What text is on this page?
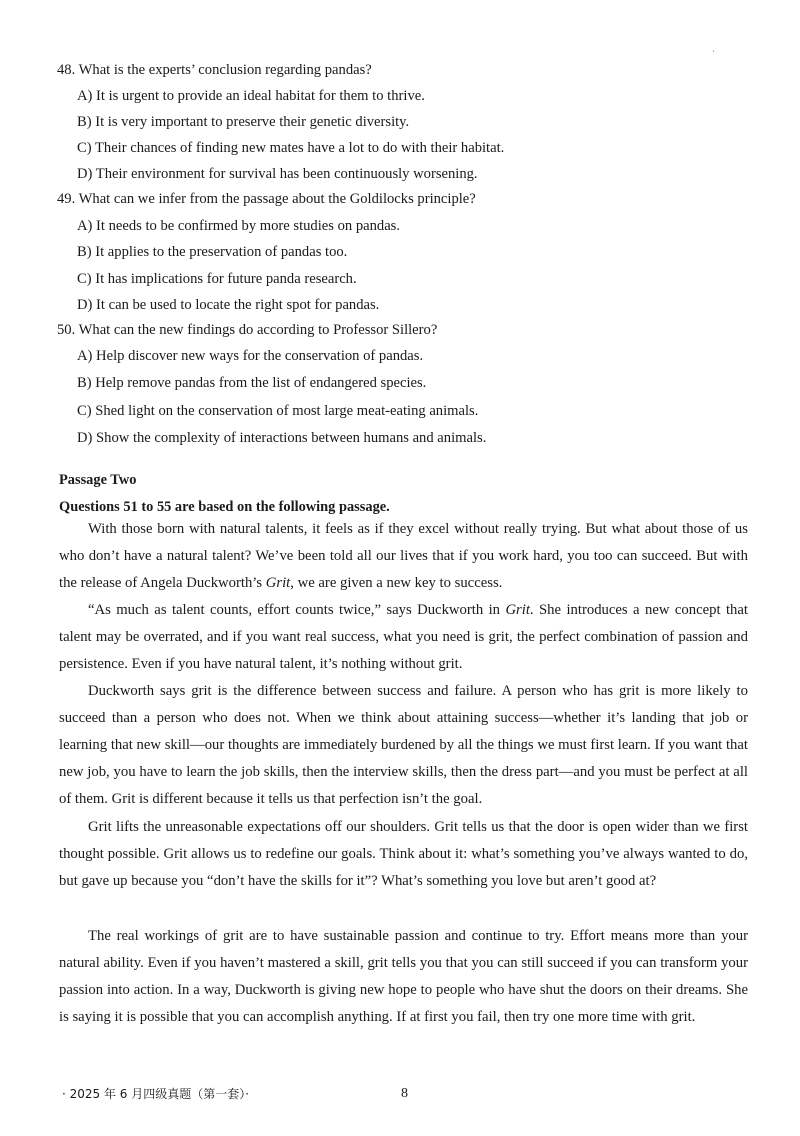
48. What is the experts’ conclusion regarding pandas?
A) It is urgent to provide an ideal habitat for them to thrive.
B) It is very important to preserve their genetic diversity.
C) Their chances of finding new mates have a lot to do with their habitat.
D) Their environment for survival has been continuously worsening.
49. What can we infer from the passage about the Goldilocks principle?
A) It needs to be confirmed by more studies on pandas.
B) It applies to the preservation of pandas too.
C) It has implications for future panda research.
D) It can be used to locate the right spot for pandas.
50. What can the new findings do according to Professor Sillero?
A) Help discover new ways for the conservation of pandas.
B) Help remove pandas from the list of endangered species.
C) Shed light on the conservation of most large meat-eating animals.
D) Show the complexity of interactions between humans and animals.
Passage Two
Questions 51 to 55 are based on the following passage.
With those born with natural talents, it feels as if they excel without really trying. But what about those of us who don’t have a natural talent? We’ve been told all our lives that if you work hard, you too can succeed. But with the release of Angela Duckworth’s Grit, we are given a new key to success.
“As much as talent counts, effort counts twice,” says Duckworth in Grit. She introduces a new concept that talent may be overrated, and if you want real success, what you need is grit, the perfect combination of passion and persistence. Even if you have natural talent, it’s nothing without grit.
Duckworth says grit is the difference between success and failure. A person who has grit is more likely to succeed than a person who does not. When we think about attaining success—whether it’s landing that job or learning that new skill—our thoughts are immediately burdened by all the things we must first learn. If you want that new job, you have to learn the job skills, then the interview skills, then the dress part—and you must be perfect at all of them. Grit is different because it tells us that perfection isn’t the goal.
Grit lifts the unreasonable expectations off our shoulders. Grit tells us that the door is open wider than we first thought possible. Grit allows us to redefine our goals. Think about it: what’s something you’ve always wanted to do, but gave up because you “don’t have the skills for it”? What’s something you love but aren’t good at?
The real workings of grit are to have sustainable passion and continue to try. Effort means more than your natural ability. Even if you haven’t mastered a skill, grit tells you that you can still succeed if you can transform your passion into action. In a way, Duckworth is giving new hope to people who have shut the doors on their dreams. She is saying it is possible that you can accomplish anything. If at first you fail, then try one more time with grit.
· 2025 年 6 月四级真题（第一套）·	8
